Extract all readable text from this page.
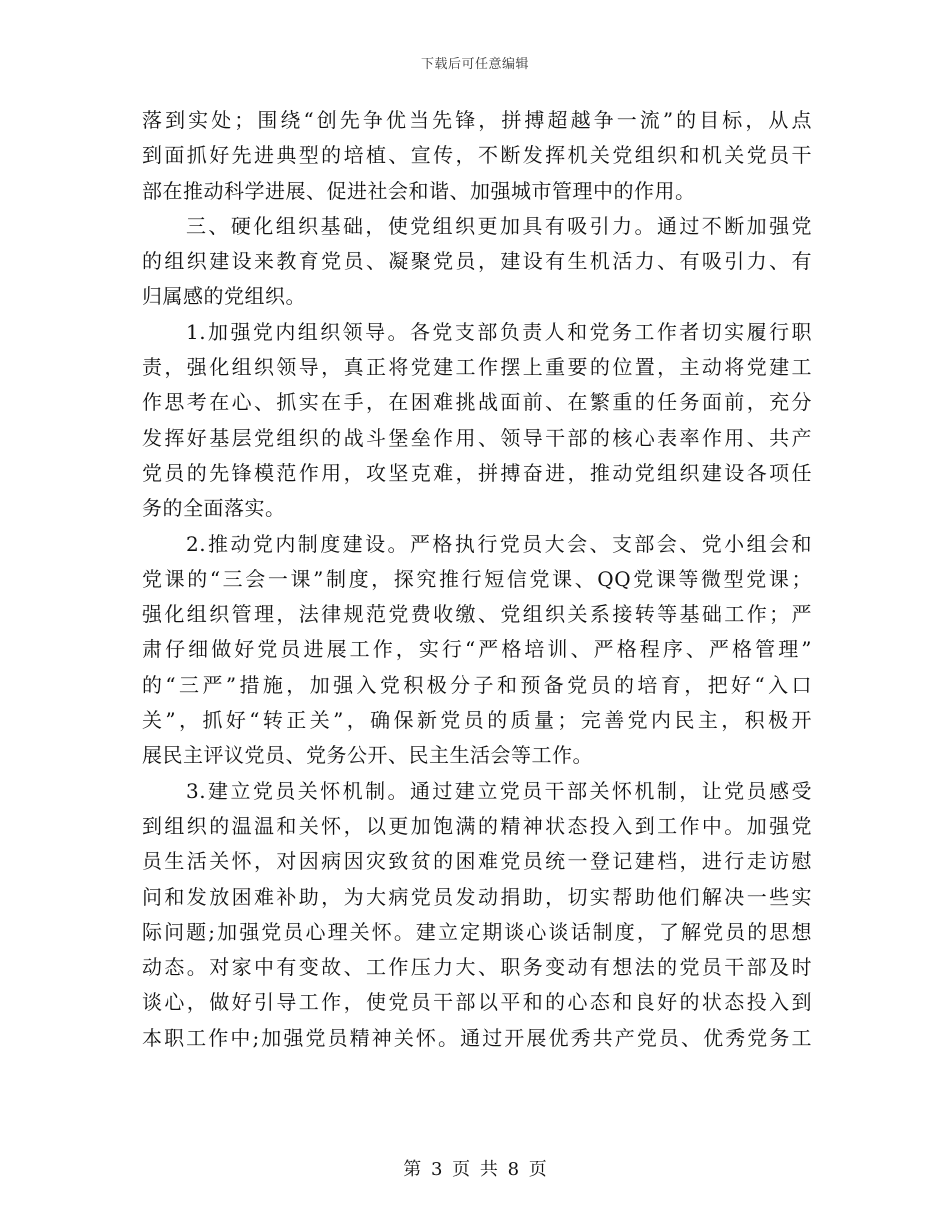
下载后可任意编辑
落到实处；围绕“创先争优当先锋，拼搏超越争一流”的目标，从点
到面抓好先进典型的培植、宣传，不断发挥机关党组织和机关党员干
部在推动科学进展、促进社会和谐、加强城市管理中的作用。
三、硬化组织基础，使党组织更加具有吸引力。通过不断加强党
的组织建设来教育党员、凝聚党员，建设有生机活力、有吸引力、有
归属感的党组织。
1.加强党内组织领导。各党支部负责人和党务工作者切实履行职
责，强化组织领导，真正将党建工作摆上重要的位置，主动将党建工
作思考在心、抓实在手，在困难挑战面前、在繁重的任务面前，充分
发挥好基层党组织的战斗堡垒作用、领导干部的核心表率作用、共产
党员的先锋模范作用，攻坚克难，拼搏奋进，推动党组织建设各项任
务的全面落实。
2.推动党内制度建设。严格执行党员大会、支部会、党小组会和
党课的“三会一课”制度，探究推行短信党课、QQ党课等微型党课；
强化组织管理，法律规范党费收缴、党组织关系接转等基础工作；严
肃仔细做好党员进展工作，实行“严格培训、严格程序、严格管理”
的“三严”措施，加强入党积极分子和预备党员的培育，把好“入口
关”，抓好“转正关”，确保新党员的质量；完善党内民主，积极开
展民主评议党员、党务公开、民主生活会等工作。
3.建立党员关怀机制。通过建立党员干部关怀机制，让党员感受
到组织的温温和关怀，以更加饱满的精神状态投入到工作中。加强党
员生活关怀，对因病因灾致贫的困难党员统一登记建档，进行走访慰
问和发放困难补助，为大病党员发动捐助，切实帮助他们解决一些实
际问题;加强党员心理关怀。建立定期谈心谈话制度，了解党员的思想
动态。对家中有变故、工作压力大、职务变动有想法的党员干部及时
谈心，做好引导工作，使党员干部以平和的心态和良好的状态投入到
本职工作中;加强党员精神关怀。通过开展优秀共产党员、优秀党务工
第 3 页 共 8 页
